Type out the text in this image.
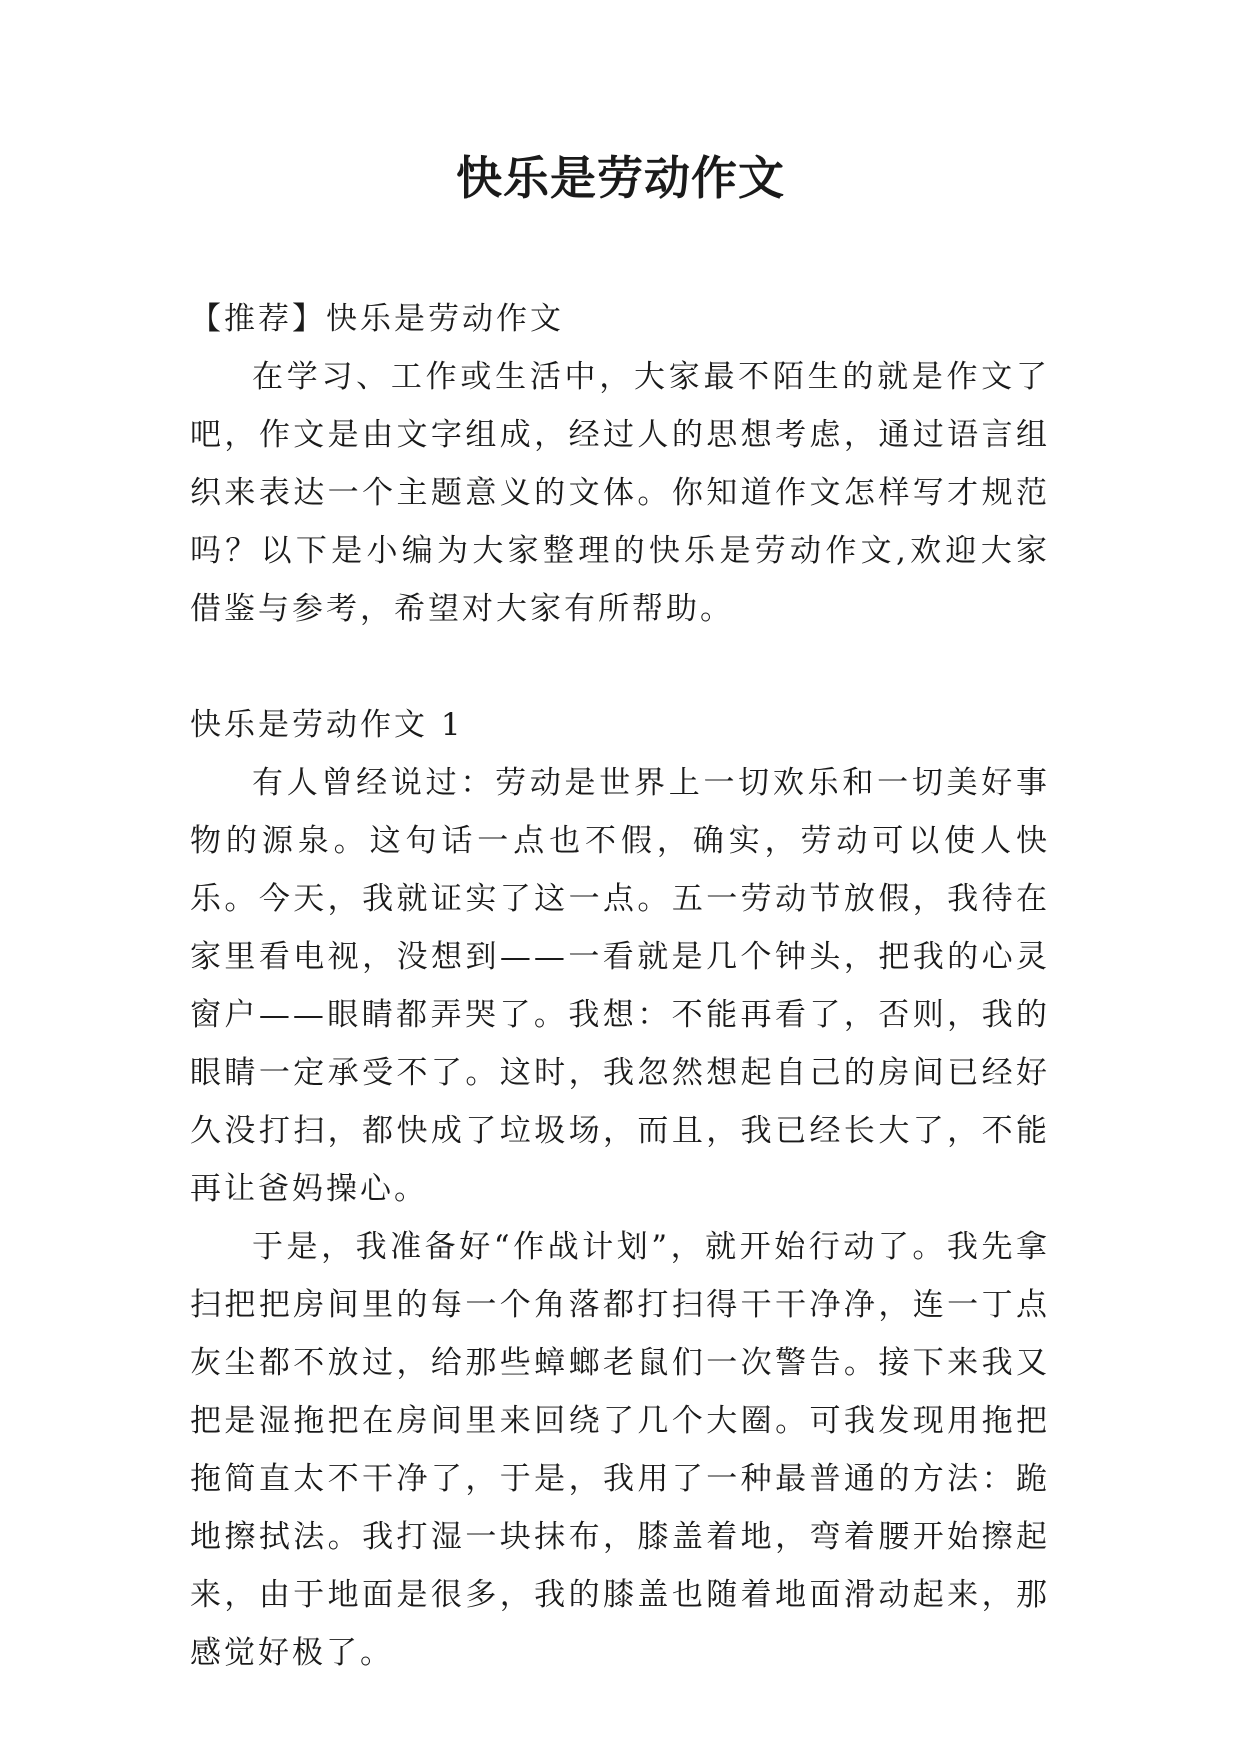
快乐是劳动作文

【推荐】快乐是劳动作文

在学习、工作或生活中，大家最不陌生的就是作文了吧，作文是由文字组成，经过人的思想考虑，通过语言组织来表达一个主题意义的文体。你知道作文怎样写才规范吗？以下是小编为大家整理的快乐是劳动作文,欢迎大家借鉴与参考，希望对大家有所帮助。

快乐是劳动作文 1

有人曾经说过：劳动是世界上一切欢乐和一切美好事物的源泉。这句话一点也不假，确实，劳动可以使人快乐。今天，我就证实了这一点。五一劳动节放假，我待在家里看电视，没想到——一看就是几个钟头，把我的心灵窗户——眼睛都弄哭了。我想：不能再看了，否则，我的眼睛一定承受不了。这时，我忽然想起自己的房间已经好久没打扫，都快成了垃圾场，而且，我已经长大了，不能再让爸妈操心。

于是，我准备好“作战计划”，就开始行动了。我先拿扫把把房间里的每一个角落都打扫得干干净净，连一丁点灰尘都不放过，给那些蟑螂老鼠们一次警告。接下来我又把是湿拖把在房间里来回绕了几个大圈。可我发现用拖把拖简直太不干净了，于是，我用了一种最普通的方法：跪地擦拭法。我打湿一块抹布，膝盖着地，弯着腰开始擦起来，由于地面是很多，我的膝盖也随着地面滑动起来，那感觉好极了。
